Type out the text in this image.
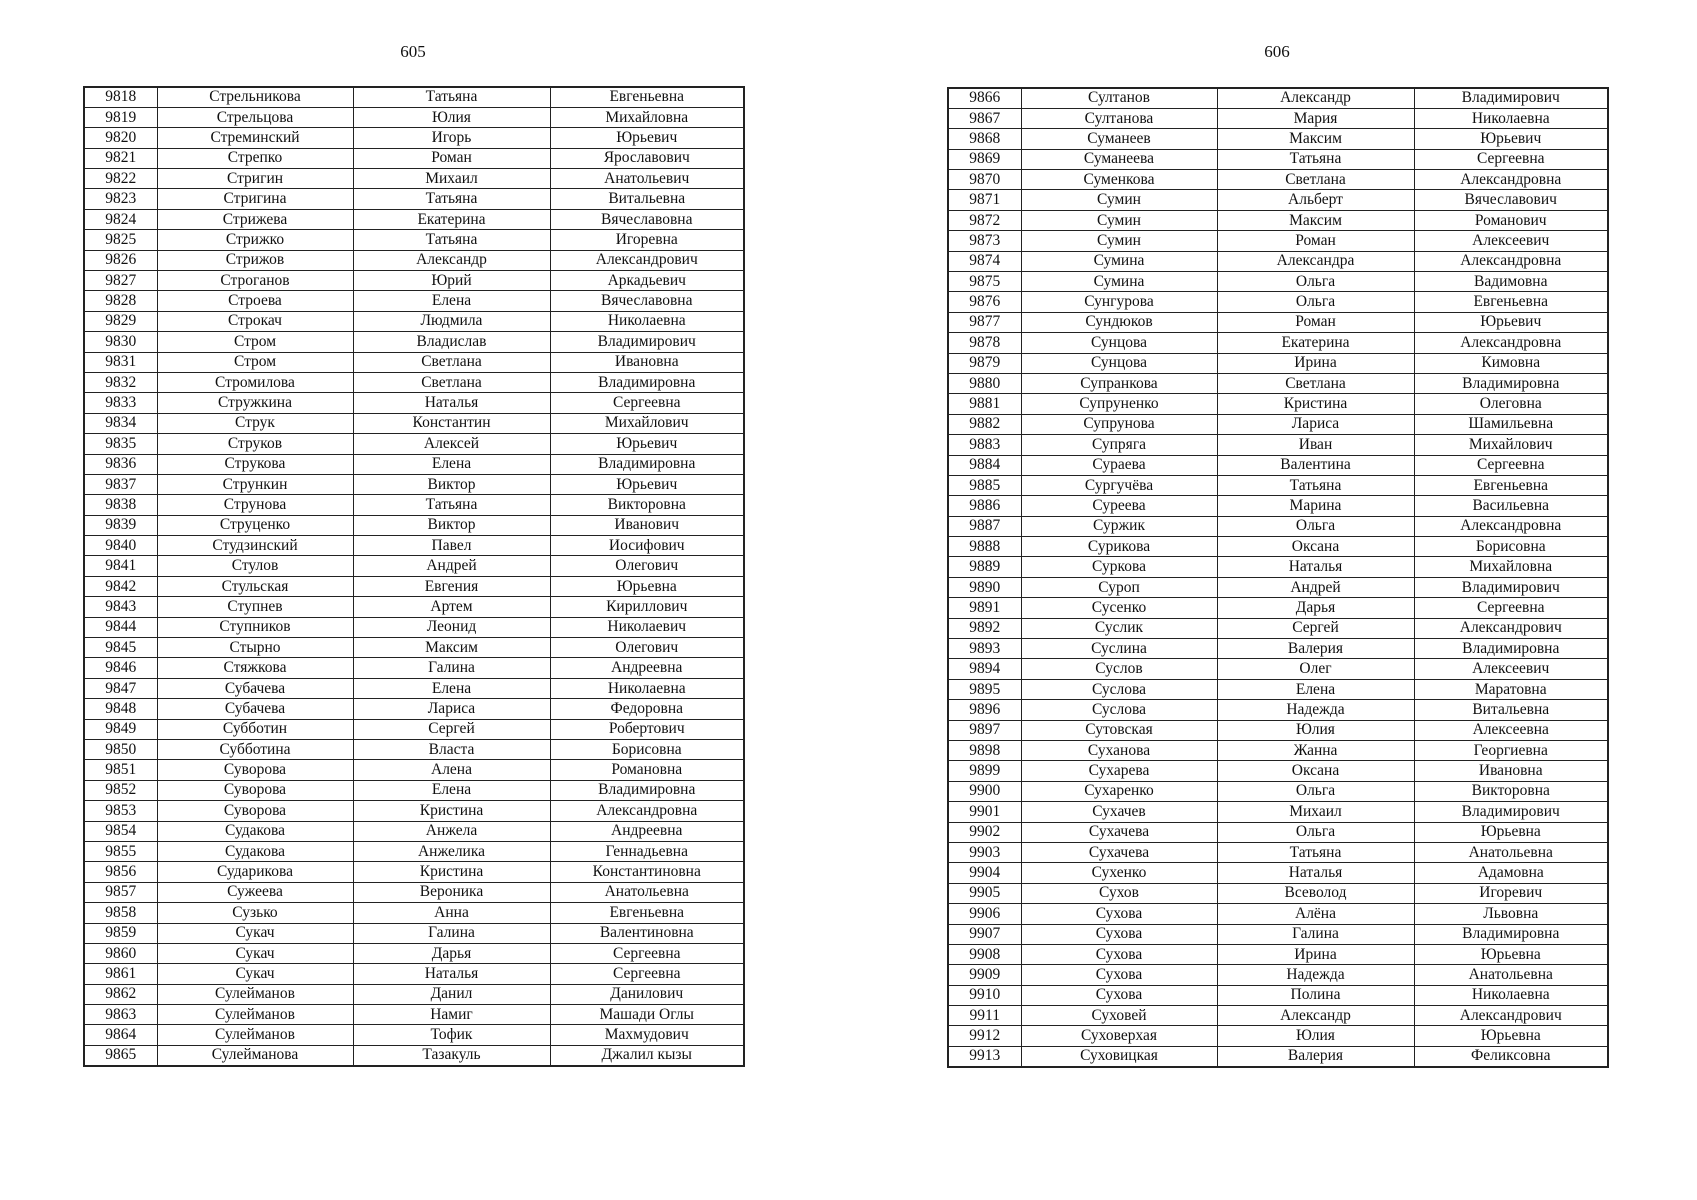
605
9818	Стрельникова	Татьяна	Евгеньевна
9819	Стрельцова	Юлия	Михайловна
9820	Стреминский	Игорь	Юрьевич
9821	Стрепко	Роман	Ярославович
9822	Стригин	Михаил	Анатольевич
9823	Стригина	Татьяна	Витальевна
9824	Стрижева	Екатерина	Вячеславовна
9825	Стрижко	Татьяна	Игоревна
9826	Стрижов	Александр	Александрович
9827	Строганов	Юрий	Аркадьевич
9828	Строева	Елена	Вячеславовна
9829	Строкач	Людмила	Николаевна
9830	Стром	Владислав	Владимирович
9831	Стром	Светлана	Ивановна
9832	Стромилова	Светлана	Владимировна
9833	Стружкина	Наталья	Сергеевна
9834	Струк	Константин	Михайлович
9835	Струков	Алексей	Юрьевич
9836	Струкова	Елена	Владимировна
9837	Стрункин	Виктор	Юрьевич
9838	Струнова	Татьяна	Викторовна
9839	Струценко	Виктор	Иванович
9840	Студзинский	Павел	Иосифович
9841	Стулов	Андрей	Олегович
9842	Стульская	Евгения	Юрьевна
9843	Ступнев	Артем	Кириллович
9844	Ступников	Леонид	Николаевич
9845	Стырно	Максим	Олегович
9846	Стяжкова	Галина	Андреевна
9847	Субачева	Елена	Николаевна
9848	Субачева	Лариса	Федоровна
9849	Субботин	Сергей	Робертович
9850	Субботина	Власта	Борисовна
9851	Суворова	Алена	Романовна
9852	Суворова	Елена	Владимировна
9853	Суворова	Кристина	Александровна
9854	Судакова	Анжела	Андреевна
9855	Судакова	Анжелика	Геннадьевна
9856	Сударикова	Кристина	Константиновна
9857	Сужеева	Вероника	Анатольевна
9858	Сузько	Анна	Евгеньевна
9859	Сукач	Галина	Валентиновна
9860	Сукач	Дарья	Сергеевна
9861	Сукач	Наталья	Сергеевна
9862	Сулейманов	Данил	Данилович
9863	Сулейманов	Намиг	Машади Оглы
9864	Сулейманов	Тофик	Махмудович
9865	Сулейманова	Тазакуль	Джалил кызы
606
9866	Султанов	Александр	Владимирович
9867	Султанова	Мария	Николаевна
9868	Суманеев	Максим	Юрьевич
9869	Суманеева	Татьяна	Сергеевна
9870	Суменкова	Светлана	Александровна
9871	Сумин	Альберт	Вячеславович
9872	Сумин	Максим	Романович
9873	Сумин	Роман	Алексеевич
9874	Сумина	Александра	Александровна
9875	Сумина	Ольга	Вадимовна
9876	Сунгурова	Ольга	Евгеньевна
9877	Сундюков	Роман	Юрьевич
9878	Сунцова	Екатерина	Александровна
9879	Сунцова	Ирина	Кимовна
9880	Супранкова	Светлана	Владимировна
9881	Супруненко	Кристина	Олеговна
9882	Супрунова	Лариса	Шамильевна
9883	Супряга	Иван	Михайлович
9884	Сураева	Валентина	Сергеевна
9885	Сургучёва	Татьяна	Евгеньевна
9886	Суреева	Марина	Васильевна
9887	Суржик	Ольга	Александровна
9888	Сурикова	Оксана	Борисовна
9889	Суркова	Наталья	Михайловна
9890	Суроп	Андрей	Владимирович
9891	Сусенко	Дарья	Сергеевна
9892	Суслик	Сергей	Александрович
9893	Суслина	Валерия	Владимировна
9894	Суслов	Олег	Алексеевич
9895	Суслова	Елена	Маратовна
9896	Суслова	Надежда	Витальевна
9897	Сутовская	Юлия	Алексеевна
9898	Суханова	Жанна	Георгиевна
9899	Сухарева	Оксана	Ивановна
9900	Сухаренко	Ольга	Викторовна
9901	Сухачев	Михаил	Владимирович
9902	Сухачева	Ольга	Юрьевна
9903	Сухачева	Татьяна	Анатольевна
9904	Сухенко	Наталья	Адамовна
9905	Сухов	Всеволод	Игоревич
9906	Сухова	Алёна	Львовна
9907	Сухова	Галина	Владимировна
9908	Сухова	Ирина	Юрьевна
9909	Сухова	Надежда	Анатольевна
9910	Сухова	Полина	Николаевна
9911	Суховей	Александр	Александрович
9912	Суховерхая	Юлия	Юрьевна
9913	Суховицкая	Валерия	Феликсовна
